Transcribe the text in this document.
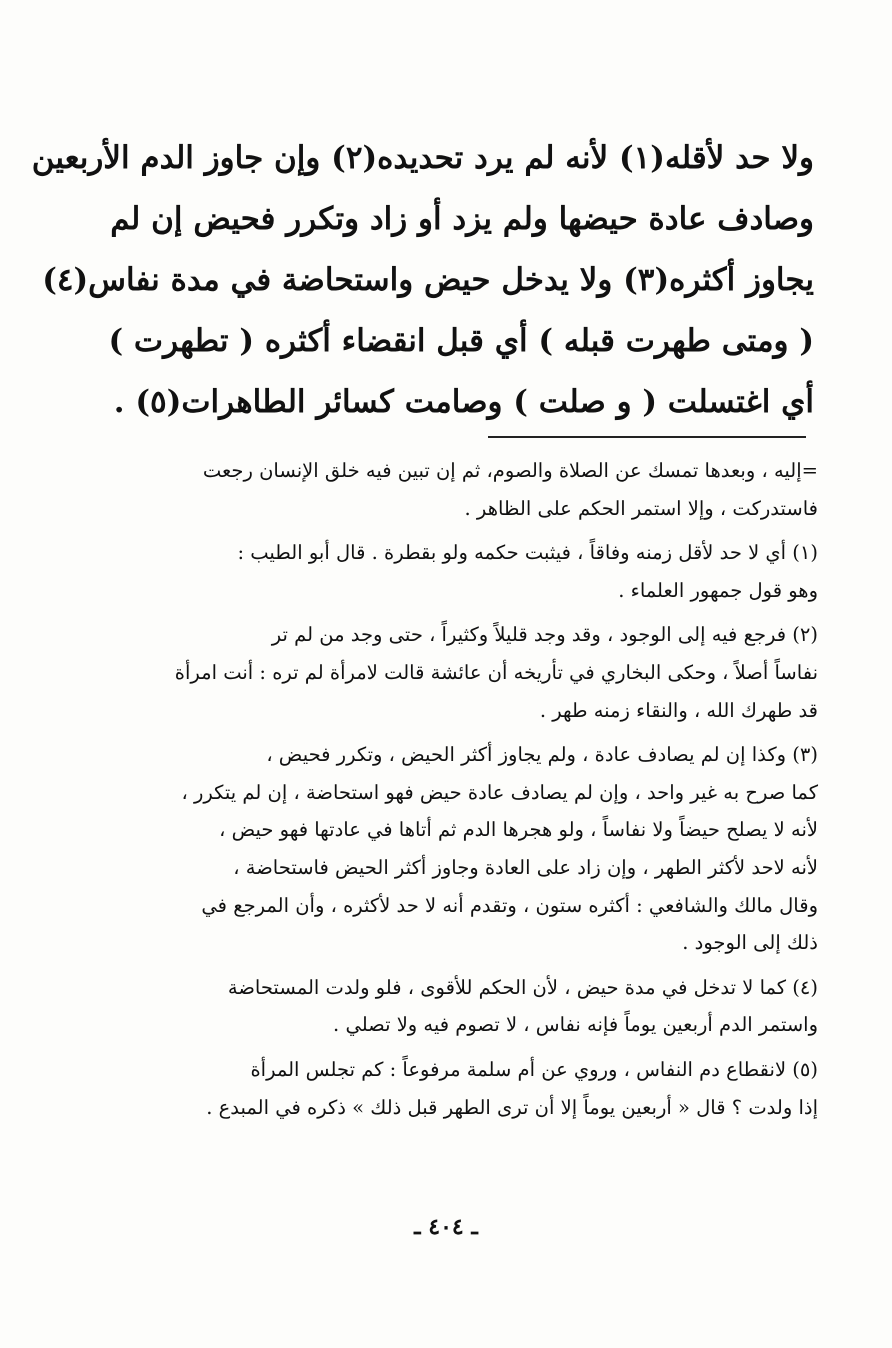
ولا حد لأقله(١) لأنه لم يرد تحديده(٢) وإن جاوز الدم الأربعين
وصادف عادة حيضها ولم يزد أو زاد وتكرر فحيض إن لم
يجاوز أكثره(٣) ولا يدخل حيض واستحاضة في مدة نفاس(٤)
( ومتى طهرت قبله ) أي قبل انقضاء أكثره ( تطهرت )
أي اغتسلت ( و صلت ) وصامت كسائر الطاهرات(٥) .
=إليه ، وبعدها تمسك عن الصلاة والصوم، ثم إن تبين فيه خلق الإنسان رجعت
فاستدركت ، وإلا استمر الحكم على الظاهر .
(١) أي لا حد لأقل زمنه وفاقاً ، فيثبت حكمه ولو بقطرة . قال أبو الطيب :
وهو قول جمهور العلماء .
(٢) فرجع فيه إلى الوجود ، وقد وجد قليلاً وكثيراً ، حتى وجد من لم تر
نفاساً أصلاً ، وحكى البخاري في تأريخه أن عائشة قالت لامرأة لم تره : أنت امرأة
قد طهرك الله ، والنقاء زمنه طهر .
(٣) وكذا إن لم يصادف عادة ، ولم يجاوز أكثر الحيض ، وتكرر فحيض ،
كما صرح به غير واحد ، وإن لم يصادف عادة حيض فهو استحاضة ، إن لم يتكرر ،
لأنه لا يصلح حيضاً ولا نفاساً ، ولو هجرها الدم ثم أتاها في عادتها فهو حيض ،
لأنه لاحد لأكثر الطهر ، وإن زاد على العادة وجاوز أكثر الحيض فاستحاضة ،
وقال مالك والشافعي : أكثره ستون ، وتقدم أنه لا حد لأكثره ، وأن المرجع في
ذلك إلى الوجود .
(٤) كما لا تدخل في مدة حيض ، لأن الحكم للأقوى ، فلو ولدت المستحاضة
واستمر الدم أربعين يوماً فإنه نفاس ، لا تصوم فيه ولا تصلي .
(٥) لانقطاع دم النفاس ، وروي عن أم سلمة مرفوعاً : كم تجلس المرأة
إذا ولدت ؟ قال « أربعين يوماً إلا أن ترى الطهر قبل ذلك » ذكره في المبدع .
ـ ٤٠٤ ـ
